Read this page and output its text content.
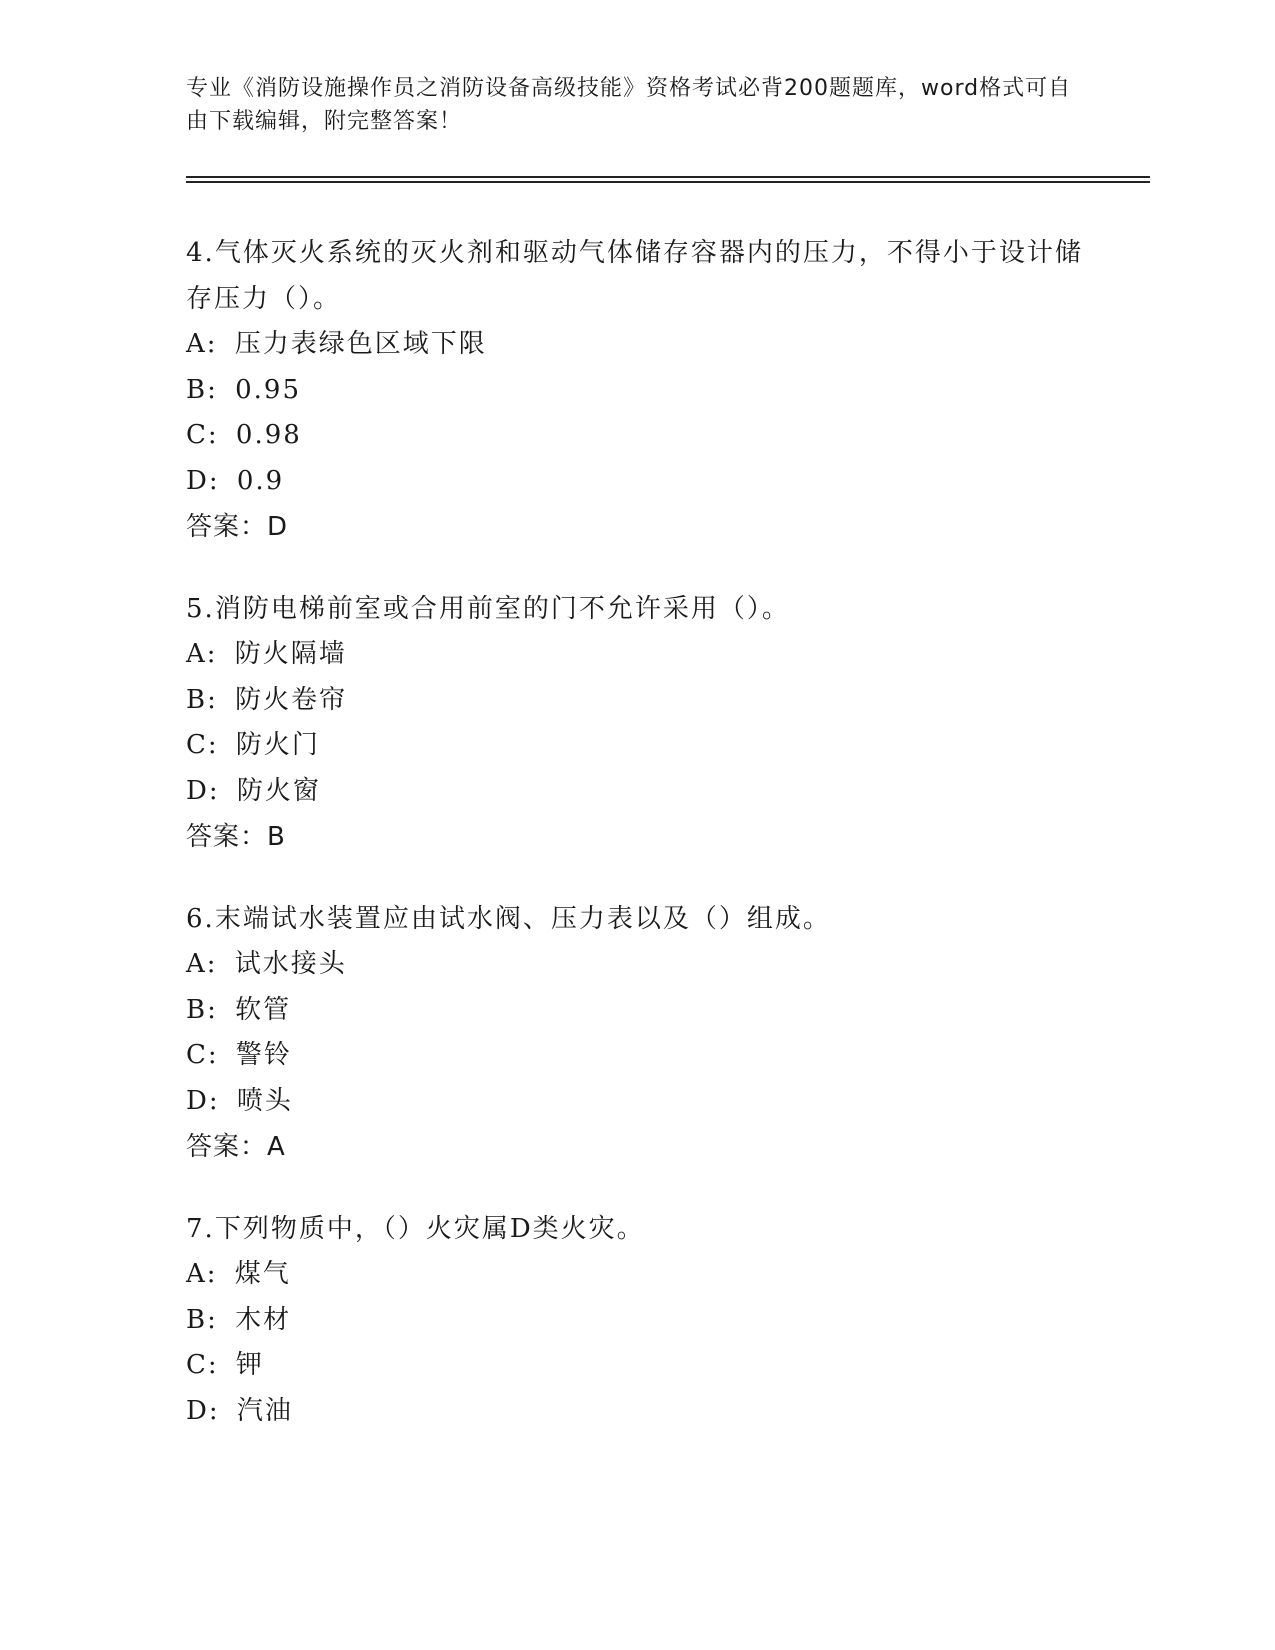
专业《消防设施操作员之消防设备高级技能》资格考试必背200题题库，word格式可自由下载编辑，附完整答案！

4.气体灭火系统的灭火剂和驱动气体储存容器内的压力，不得小于设计储存压力（）。

A : 压力表绿色区域下限
B : 0.95
C : 0.98
D : 0.9
答案：D

5.消防电梯前室或合用前室的门不允许采用（）。

A : 防火隔墙
B : 防火卷帘
C : 防火门
D : 防火窗
答案：B

6.末端试水装置应由试水阀、压力表以及（）组成。

A : 试水接头
B : 软管
C : 警铃
D : 喷头
答案：A

7.下列物质中，（）火灾属D类火灾。

A : 煤气
B : 木材
C : 钾
D : 汽油
